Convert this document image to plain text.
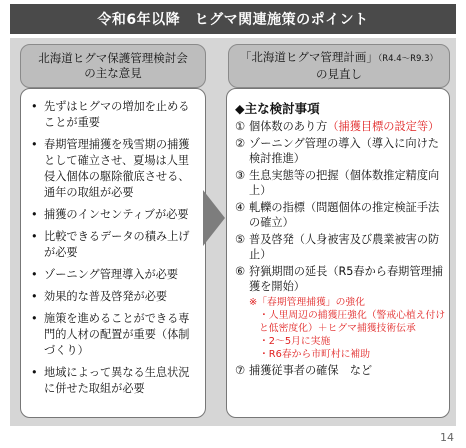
令和6年以降　ヒグマ関連施策のポイント
北海道ヒグマ保護管理検討会
の主な意見
「北海道ヒグマ管理計画」（R4.4～R9.3）
の見直し
• 先ずはヒグマの増加を止めることが重要
• 春期管理捕獲を残雪期の捕獲として確立させ、夏場は人里侵入個体の駆除徹底させる、通年の取組が必要
• 捕獲のインセンティブが必要
• 比較できるデータの積み上げが必要
• ゾーニング管理導入が必要
• 効果的な普及啓発が必要
• 施策を進めることができる専門的人材の配置が重要（体制づくり）
• 地域によって異なる生息状況に併せた取組が必要
◆主な検討事項
① 個体数のあり方（捕獲目標の設定等）
② ゾーニング管理の導入（導入に向けた検討推進）
③ 生息実態等の把握（個体数推定精度向上）
④ 軋轢の指標（問題個体の推定検証手法の確立）
⑤ 普及啓発（人身被害及び農業被害の防止）
⑥ 狩猟期間の延長（R5春から春期管理捕獲を開始）
※「春期管理捕獲」の強化
・人里周辺の捕獲圧強化（警戒心植え付けと低密度化）＋ヒグマ捕獲技術伝承
・2～5月に実施
・R6春から市町村に補助
⑦ 捕獲従事者の確保　など
14
